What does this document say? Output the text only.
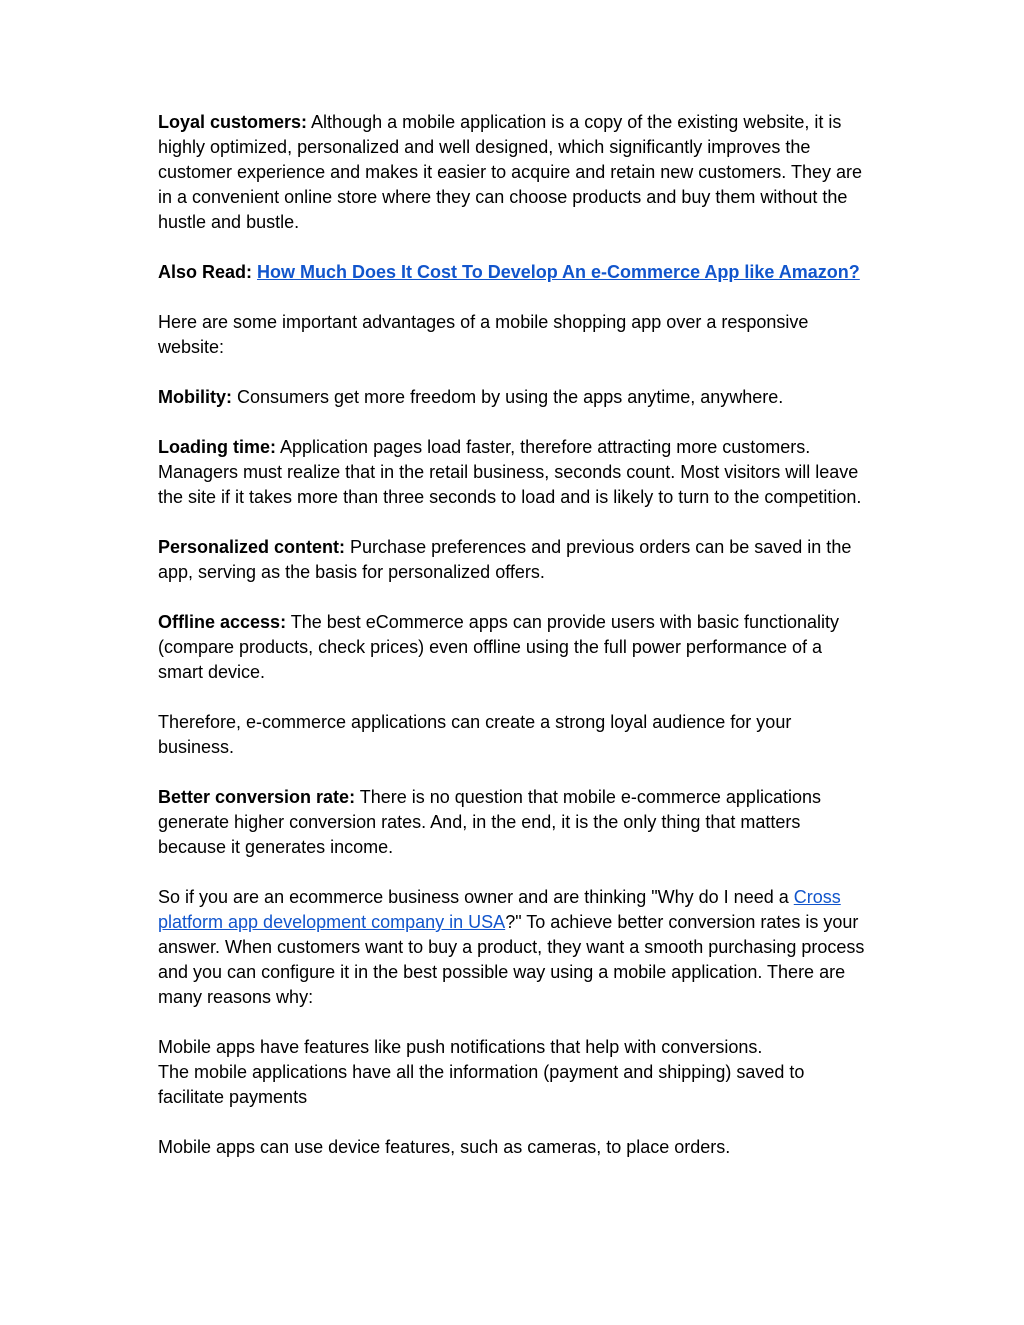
Loyal customers: Although a mobile application is a copy of the existing website, it is highly optimized, personalized and well designed, which significantly improves the customer experience and makes it easier to acquire and retain new customers. They are in a convenient online store where they can choose products and buy them without the hustle and bustle.

Also Read: How Much Does It Cost To Develop An e-Commerce App like Amazon?

Here are some important advantages of a mobile shopping app over a responsive website:

Mobility: Consumers get more freedom by using the apps anytime, anywhere.

Loading time: Application pages load faster, therefore attracting more customers. Managers must realize that in the retail business, seconds count. Most visitors will leave the site if it takes more than three seconds to load and is likely to turn to the competition.

Personalized content: Purchase preferences and previous orders can be saved in the app, serving as the basis for personalized offers.

Offline access: The best eCommerce apps can provide users with basic functionality (compare products, check prices) even offline using the full power performance of a smart device.

Therefore, e-commerce applications can create a strong loyal audience for your business.

Better conversion rate: There is no question that mobile e-commerce applications generate higher conversion rates. And, in the end, it is the only thing that matters because it generates income.

So if you are an ecommerce business owner and are thinking "Why do I need a Cross platform app development company in USA?" To achieve better conversion rates is your answer. When customers want to buy a product, they want a smooth purchasing process and you can configure it in the best possible way using a mobile application. There are many reasons why:

Mobile apps have features like push notifications that help with conversions.

The mobile applications have all the information (payment and shipping) saved to facilitate payments

Mobile apps can use device features, such as cameras, to place orders.
